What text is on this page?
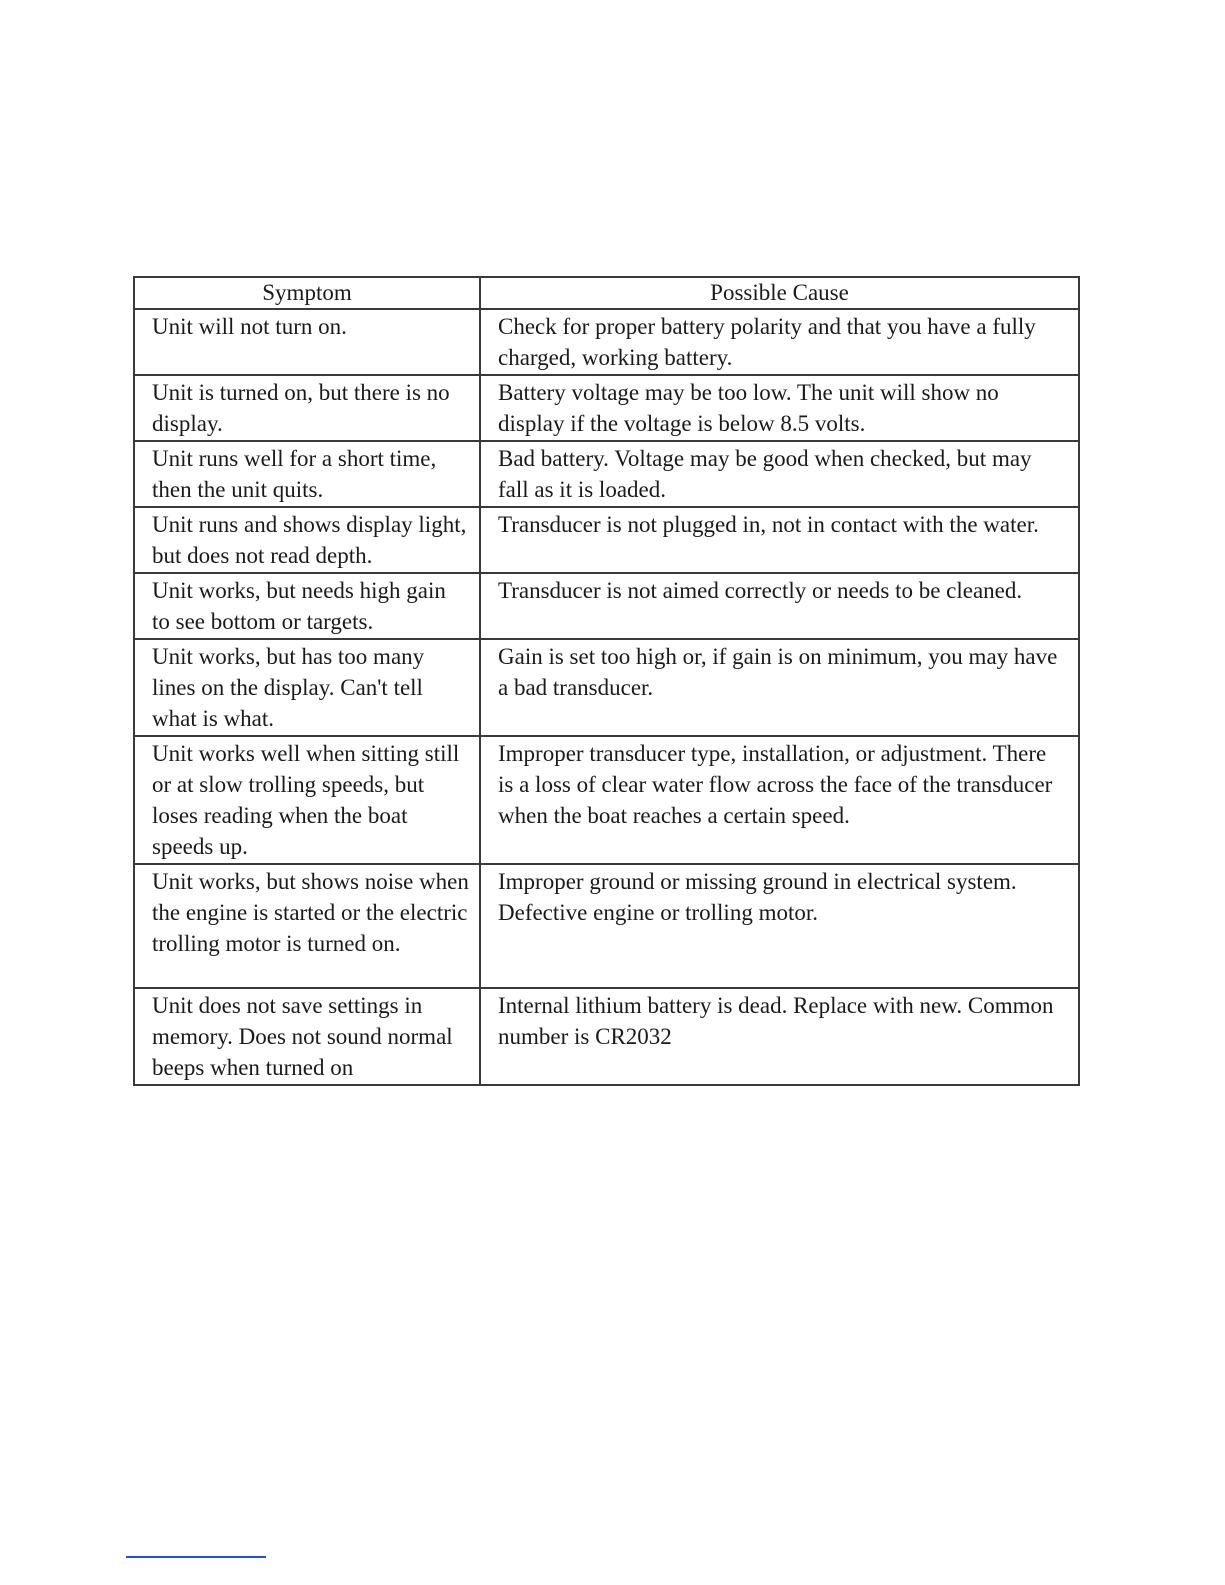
Symptom	Possible Cause
Unit will not turn on.	Check for proper battery polarity and that you have a fully charged, working battery.
Unit is turned on, but there is no display.	Battery voltage may be too low. The unit will show no display if the voltage is below 8.5 volts.
Unit runs well for a short time, then the unit quits.	Bad battery. Voltage may be good when checked, but may fall as it is loaded.
Unit runs and shows display light, but does not read depth.	Transducer is not plugged in, not in contact with the water.
Unit works, but needs high gain to see bottom or targets.	Transducer is not aimed correctly or needs to be cleaned.
Unit works, but has too many lines on the display. Can't tell what is what.	Gain is set too high or, if gain is on minimum, you may have a bad transducer.
Unit works well when sitting still or at slow trolling speeds, but loses reading when the boat speeds up.	Improper transducer type, installation, or adjustment. There is a loss of clear water flow across the face of the transducer when the boat reaches a certain speed.
Unit works, but shows noise when the engine is started or the electric trolling motor is turned on.	Improper ground or missing ground in electrical system. Defective engine or trolling motor.
Unit does not save settings in memory. Does not sound normal beeps when turned on	Internal lithium battery is dead. Replace with new. Common number is CR2032
